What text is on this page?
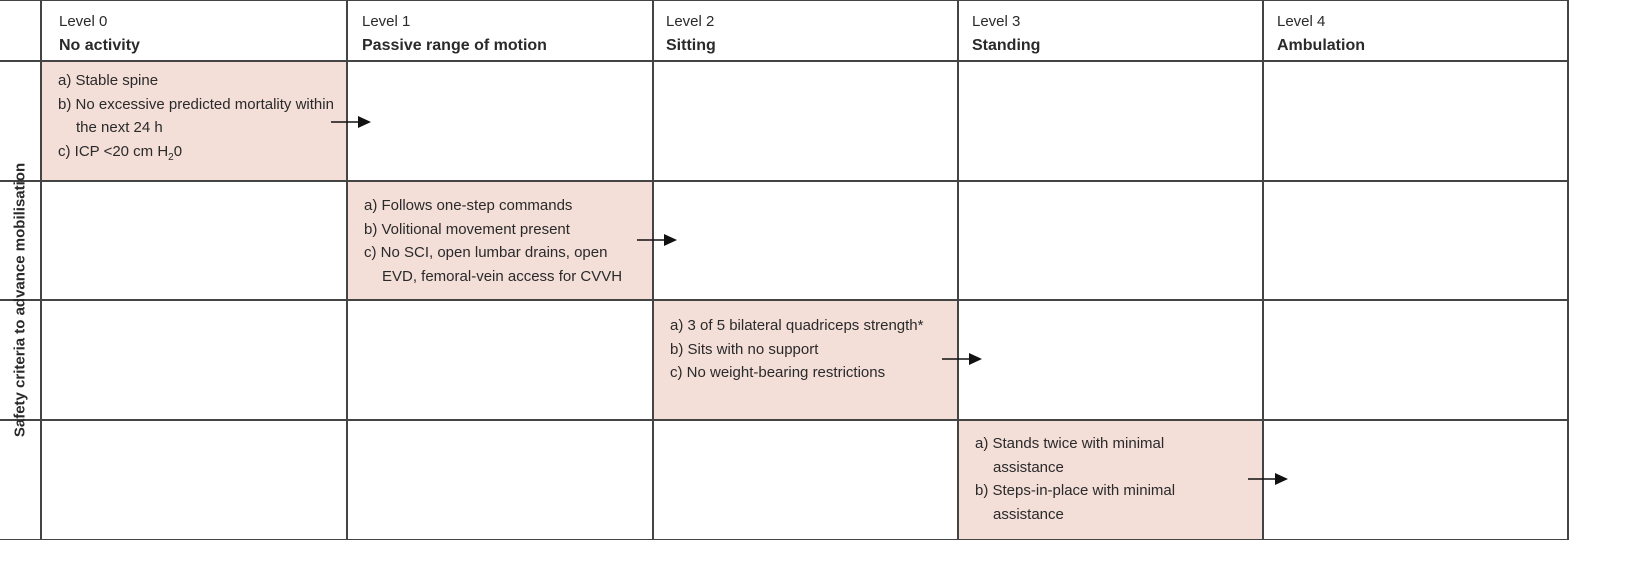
a) Stable spine
b) No excessive predicted mortality within the next 24 h
c) ICP <20 cm $H_20$
a) Follows one-step commands
b) Volitional movement present
c) No SCI, open lumbar drains, open EVD, femoral-vein access for CVVH
a) 3 of 5 bilateral quadriceps strength*
b) Sits with no support
c) No weight-bearing restrictions
a) Stands twice with minimal assistance
b) Steps-in-place with minimal assistance
Level 0
No activity
Level 1
Passive range of motion
Level 2
Sitting
Level 3
Standing
Level 4
Ambulation
Safety criteria to advance mobilisation
